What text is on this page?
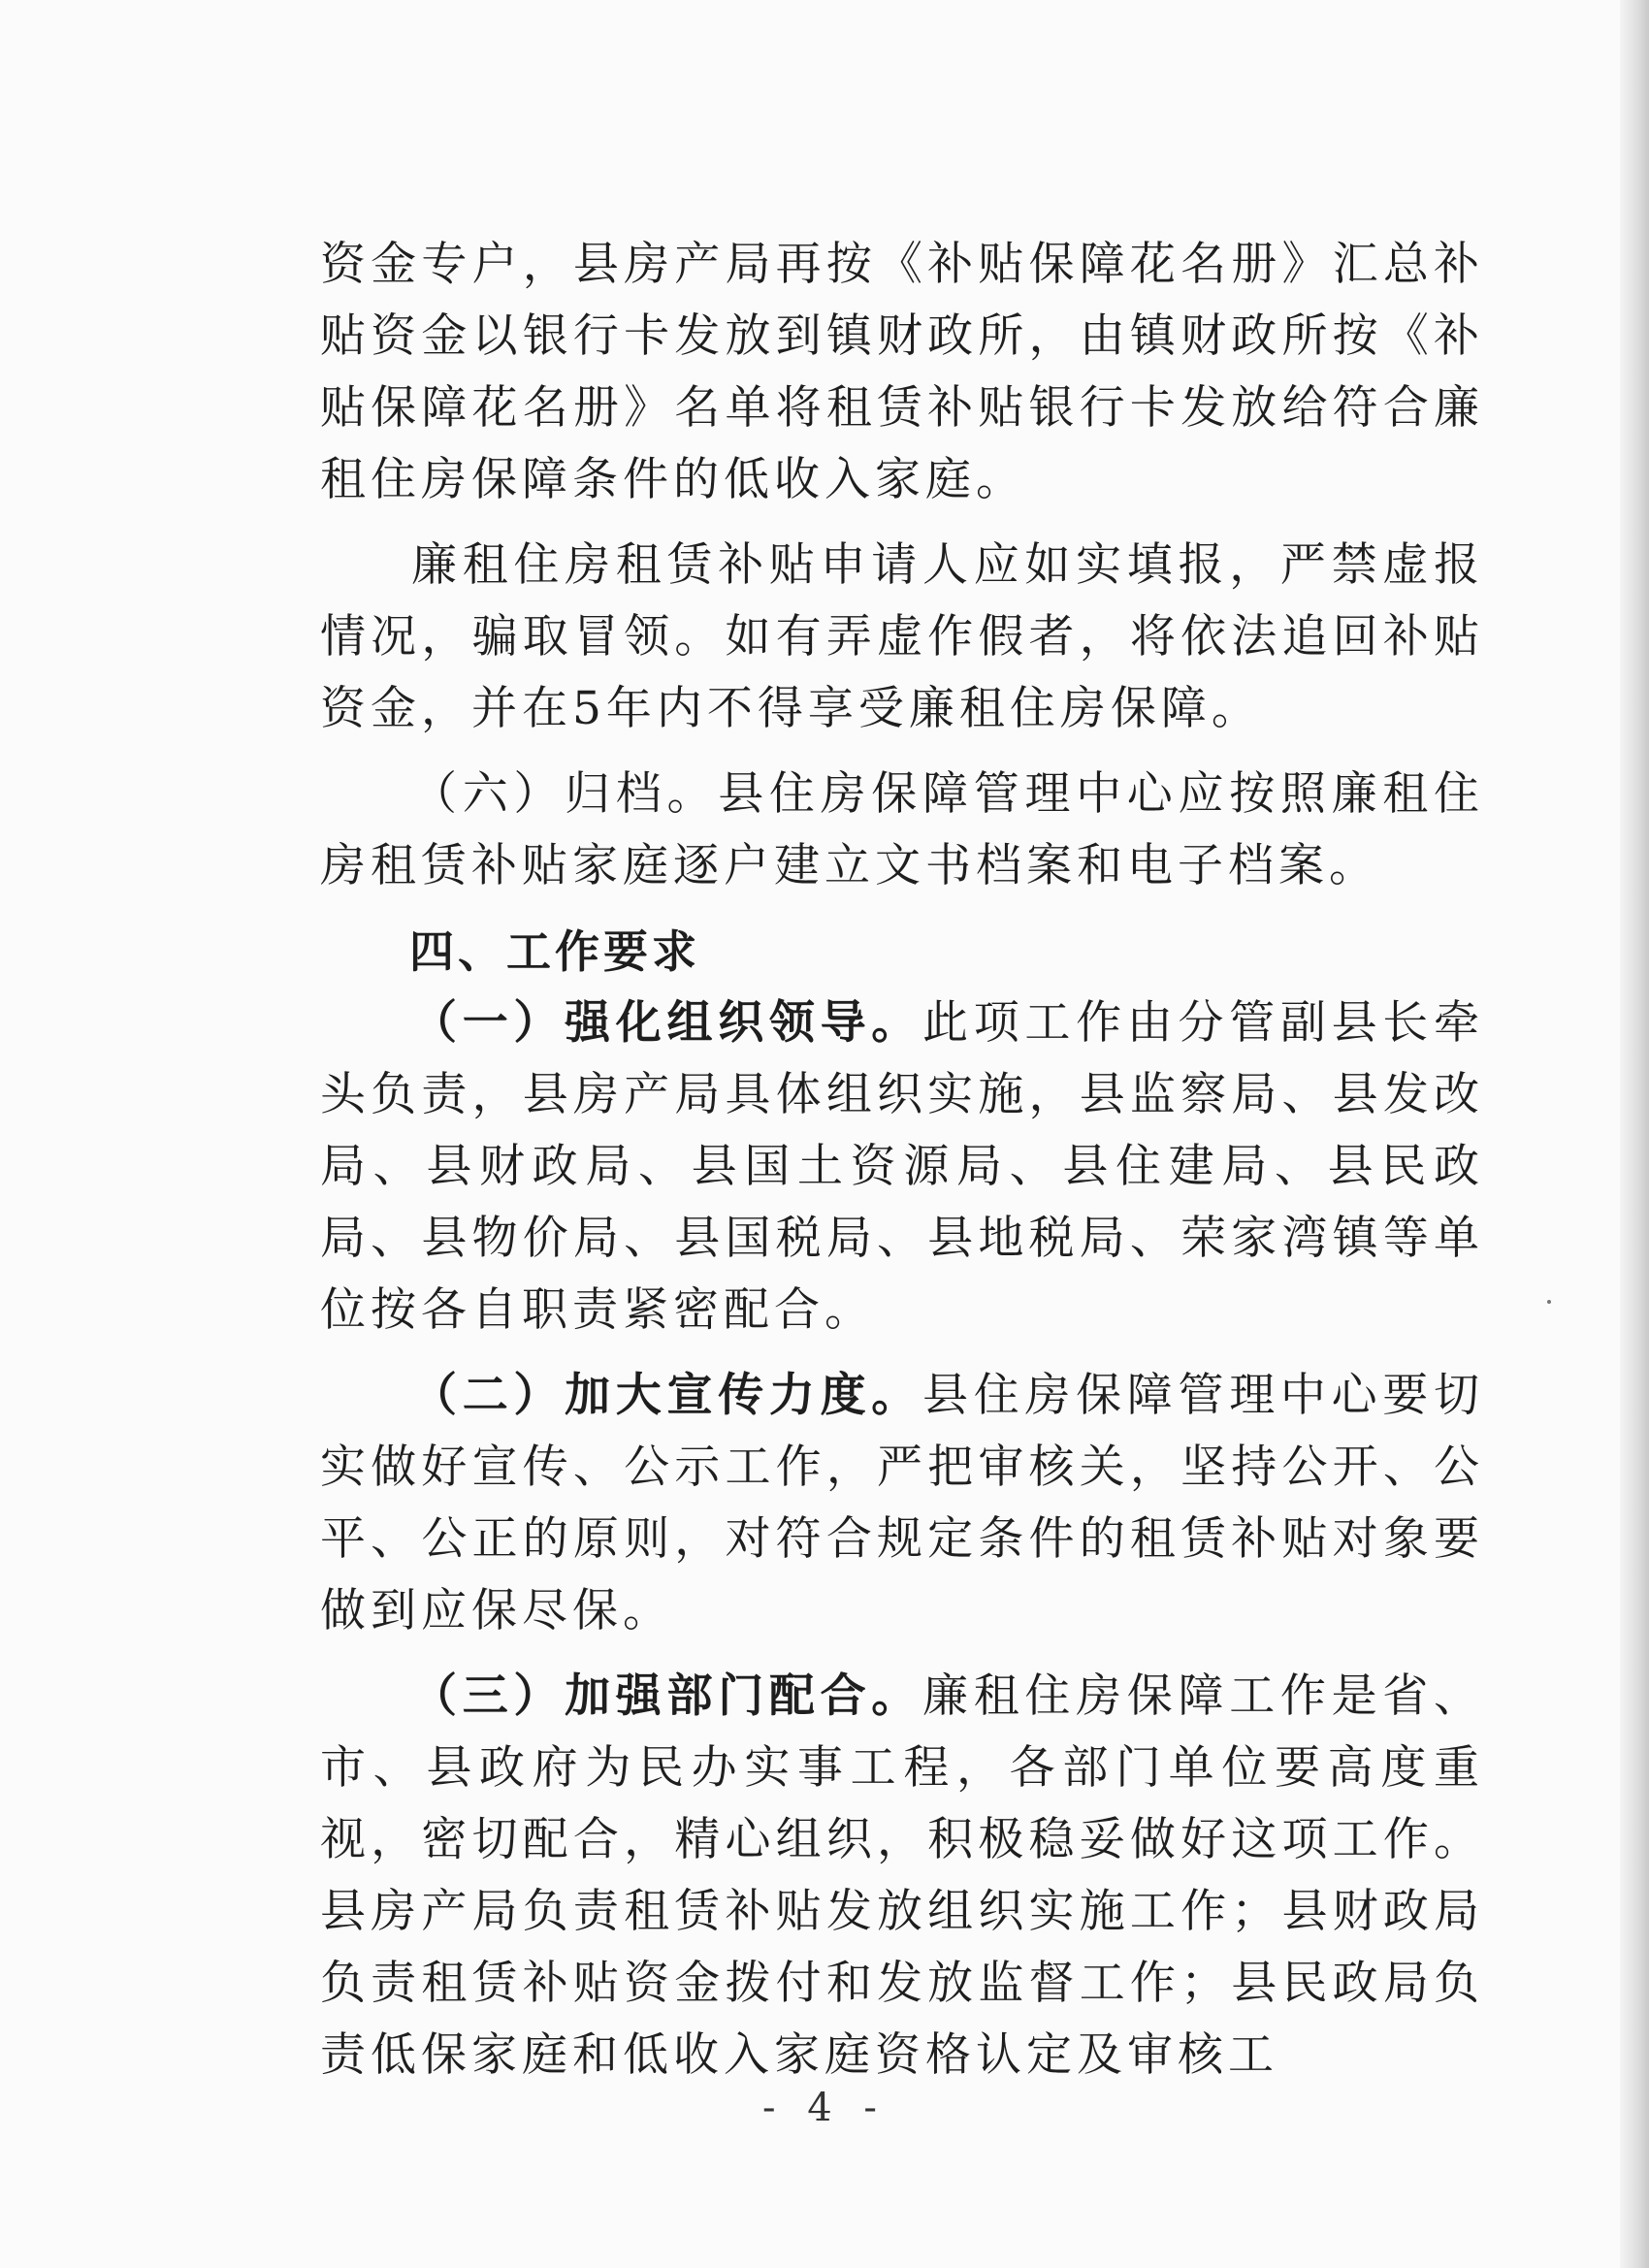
资金专户，县房产局再按《补贴保障花名册》汇总补贴资金以银行卡发放到镇财政所，由镇财政所按《补贴保障花名册》名单将租赁补贴银行卡发放给符合廉租住房保障条件的低收入家庭。

廉租住房租赁补贴申请人应如实填报，严禁虚报情况，骗取冒领。如有弄虚作假者，将依法追回补贴资金，并在5年内不得享受廉租住房保障。

（六）归档。县住房保障管理中心应按照廉租住房租赁补贴家庭逐户建立文书档案和电子档案。

四、工作要求

（一）强化组织领导。此项工作由分管副县长牵头负责，县房产局具体组织实施，县监察局、县发改局、县财政局、县国土资源局、县住建局、县民政局、县物价局、县国税局、县地税局、荣家湾镇等单位按各自职责紧密配合。

（二）加大宣传力度。县住房保障管理中心要切实做好宣传、公示工作，严把审核关，坚持公开、公平、公正的原则，对符合规定条件的租赁补贴对象要做到应保尽保。

（三）加强部门配合。廉租住房保障工作是省、市、县政府为民办实事工程，各部门单位要高度重视，密切配合，精心组织，积极稳妥做好这项工作。县房产局负责租赁补贴发放组织实施工作；县财政局负责租赁补贴资金拨付和发放监督工作；县民政局负责低保家庭和低收入家庭资格认定及审核工

- 4 -
